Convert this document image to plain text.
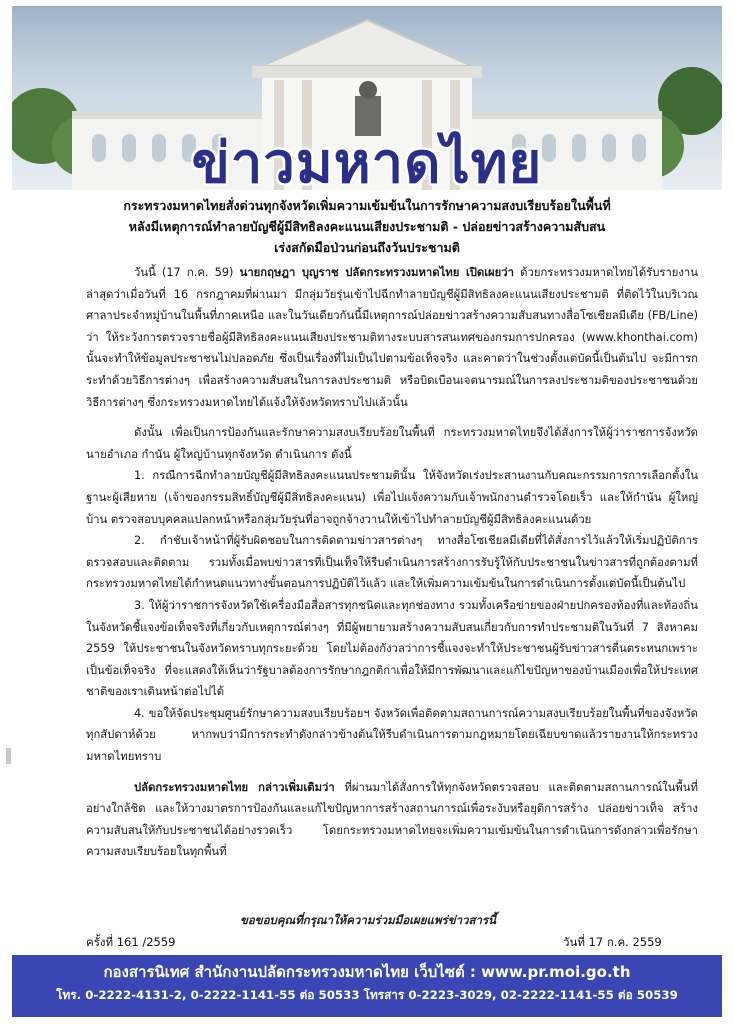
ข่าวมหาดไทย
กระทรวงมหาดไทยสั่งด่วนทุกจังหวัดเพิ่มความเข้มข้นในการรักษาความสงบเรียบร้อยในพื้นที่
หลังมีเหตุการณ์ทำลายบัญชีผู้มีสิทธิลงคะแนนเสียงประชามติ - ปล่อยข่าวสร้างความสับสน
เร่งสกัดมือป่วนก่อนถึงวันประชามติ

วันนี้ (17 ก.ค. 59) นายกฤษฎา บุญราช ปลัดกระทรวงมหาดไทย เปิดเผยว่า ด้วยกระทรวงมหาดไทยได้รับรายงานล่าสุดว่าเมื่อวันที่ 16 กรกฎาคมที่ผ่านมา มีกลุ่มวัยรุ่นเข้าไปฉีกทำลายบัญชีผู้มีสิทธิลงคะแนนเสียงประชามติ ที่ติดไว้ในบริเวณศาลาประจำหมู่บ้านในพื้นที่ภาคเหนือ และในวันเดียวกันนี้มีเหตุการณ์ปล่อยข่าวสร้างความสับสนทางสื่อโซเชียลมีเดีย (FB/Line) ว่า ให้ระวังการตรวจรายชื่อผู้มีสิทธิลงคะแนนเสียงประชามติทางระบบสารสนเทศของกรมการปกครอง (www.khonthai.com) นั้นจะทำให้ข้อมูลประชาชนไม่ปลอดภัย ซึ่งเป็นเรื่องที่ไม่เป็นไปตามข้อเท็จจริง และคาดว่าในช่วงตั้งแต่บัดนี้เป็นต้นไป จะมีการกระทำด้วยวิธีการต่างๆ เพื่อสร้างความสับสนในการลงประชามติ หรือบิดเบือนเจตนารมณ์ในการลงประชามติของประชาชนด้วยวิธีการต่างๆ ซึ่งกระทรวงมหาดไทยได้แจ้งให้จังหวัดทราบไปแล้วนั้น

ดังนั้น เพื่อเป็นการป้องกันและรักษาความสงบเรียบร้อยในพื้นที่ กระทรวงมหาดไทยจึงได้สั่งการให้ผู้ว่าราชการจังหวัด นายอำเภอ กำนัน ผู้ใหญ่บ้านทุกจังหวัด ดำเนินการ ดังนี้

1. กรณีการฉีกทำลายบัญชีผู้มีสิทธิลงคะแนนประชามตินั้น ให้จังหวัดเร่งประสานงานกับคณะกรรมการการเลือกตั้งในฐานะผู้เสียหาย (เจ้าของกรรมสิทธิ์บัญชีผู้มีสิทธิลงคะแนน) เพื่อไปแจ้งความกับเจ้าพนักงานตำรวจโดยเร็ว และให้กำนัน ผู้ใหญ่บ้าน ตรวจสอบบุคคลแปลกหน้าหรือกลุ่มวัยรุ่นที่อาจถูกจ้างวานให้เข้าไปทำลายบัญชีผู้มีสิทธิลงคะแนนด้วย

2. กำชับเจ้าหน้าที่ผู้รับผิดชอบในการติดตามข่าวสารต่างๆ ทางสื่อโซเชียลมีเดียที่ได้สั่งการไว้แล้วให้เริ่มปฏิบัติการตรวจสอบและติดตาม รวมทั้งเมื่อพบข่าวสารที่เป็นเท็จให้รีบดำเนินการสร้างการรับรู้ให้กับประชาชนในข่าวสารที่ถูกต้องตามที่กระทรวงมหาดไทยได้กำหนดแนวทางขั้นตอนการปฏิบัติไว้แล้ว และให้เพิ่มความเข้มข้นในการดำเนินการตั้งแต่บัดนี้เป็นต้นไป

3. ให้ผู้ว่าราชการจังหวัดใช้เครื่องมือสื่อสารทุกชนิดและทุกช่องทาง รวมทั้งเครือข่ายของฝ่ายปกครองท้องที่และท้องถิ่นในจังหวัดชี้แจงข้อเท็จจริงที่เกี่ยวกับเหตุการณ์ต่างๆ ที่มีผู้พยายามสร้างความสับสนเกี่ยวกับการทำประชามติในวันที่ 7 สิงหาคม 2559 ให้ประชาชนในจังหวัดทราบทุกระยะด้วย โดยไม่ต้องกังวลว่าการชี้แจงจะทำให้ประชาชนผู้รับข่าวสารตื่นตระหนกเพราะเป็นข้อเท็จจริง ที่จะแสดงให้เห็นว่ารัฐบาลต้องการรักษากฎกติกาเพื่อให้มีการพัฒนาและแก้ไขปัญหาของบ้านเมืองเพื่อให้ประเทศชาติของเราเดินหน้าต่อไปได้

4. ขอให้จัดประชุมศูนย์รักษาความสงบเรียบร้อยฯ จังหวัดเพื่อติดตามสถานการณ์ความสงบเรียบร้อยในพื้นที่ของจังหวัดทุกสัปดาห์ด้วย หากพบว่ามีการกระทำดังกล่าวข้างต้นให้รีบดำเนินการตามกฎหมายโดยเฉียบขาดแล้วรายงานให้กระทรวงมหาดไทยทราบ

ปลัดกระทรวงมหาดไทย กล่าวเพิ่มเติมว่า ที่ผ่านมาได้สั่งการให้ทุกจังหวัดตรวจสอบ และติดตามสถานการณ์ในพื้นที่ อย่างใกล้ชิด และให้วางมาตรการป้องกันและแก้ไขปัญหาการสร้างสถานการณ์เพื่อระงับหรือยุติการสร้าง ปล่อยข่าวเท็จ สร้างความสับสนให้กับประชาชนได้อย่างรวดเร็ว โดยกระทรวงมหาดไทยจะเพิ่มความเข้มข้นในการดำเนินการดังกล่าวเพื่อรักษาความสงบเรียบร้อยในทุกพื้นที่

ขอขอบคุณที่กรุณาให้ความร่วมมือเผยแพร่ข่าวสารนี้
ครั้งที่ 161 /2559	วันที่ 17 ก.ค. 2559
กองสารนิเทศ สำนักงานปลัดกระทรวงมหาดไทย เว็บไซต์ : www.pr.moi.go.th
โทร. 0-2222-4131-2, 0-2222-1141-55 ต่อ 50533 โทรสาร 0-2223-3029, 02-2222-1141-55 ต่อ 50539
